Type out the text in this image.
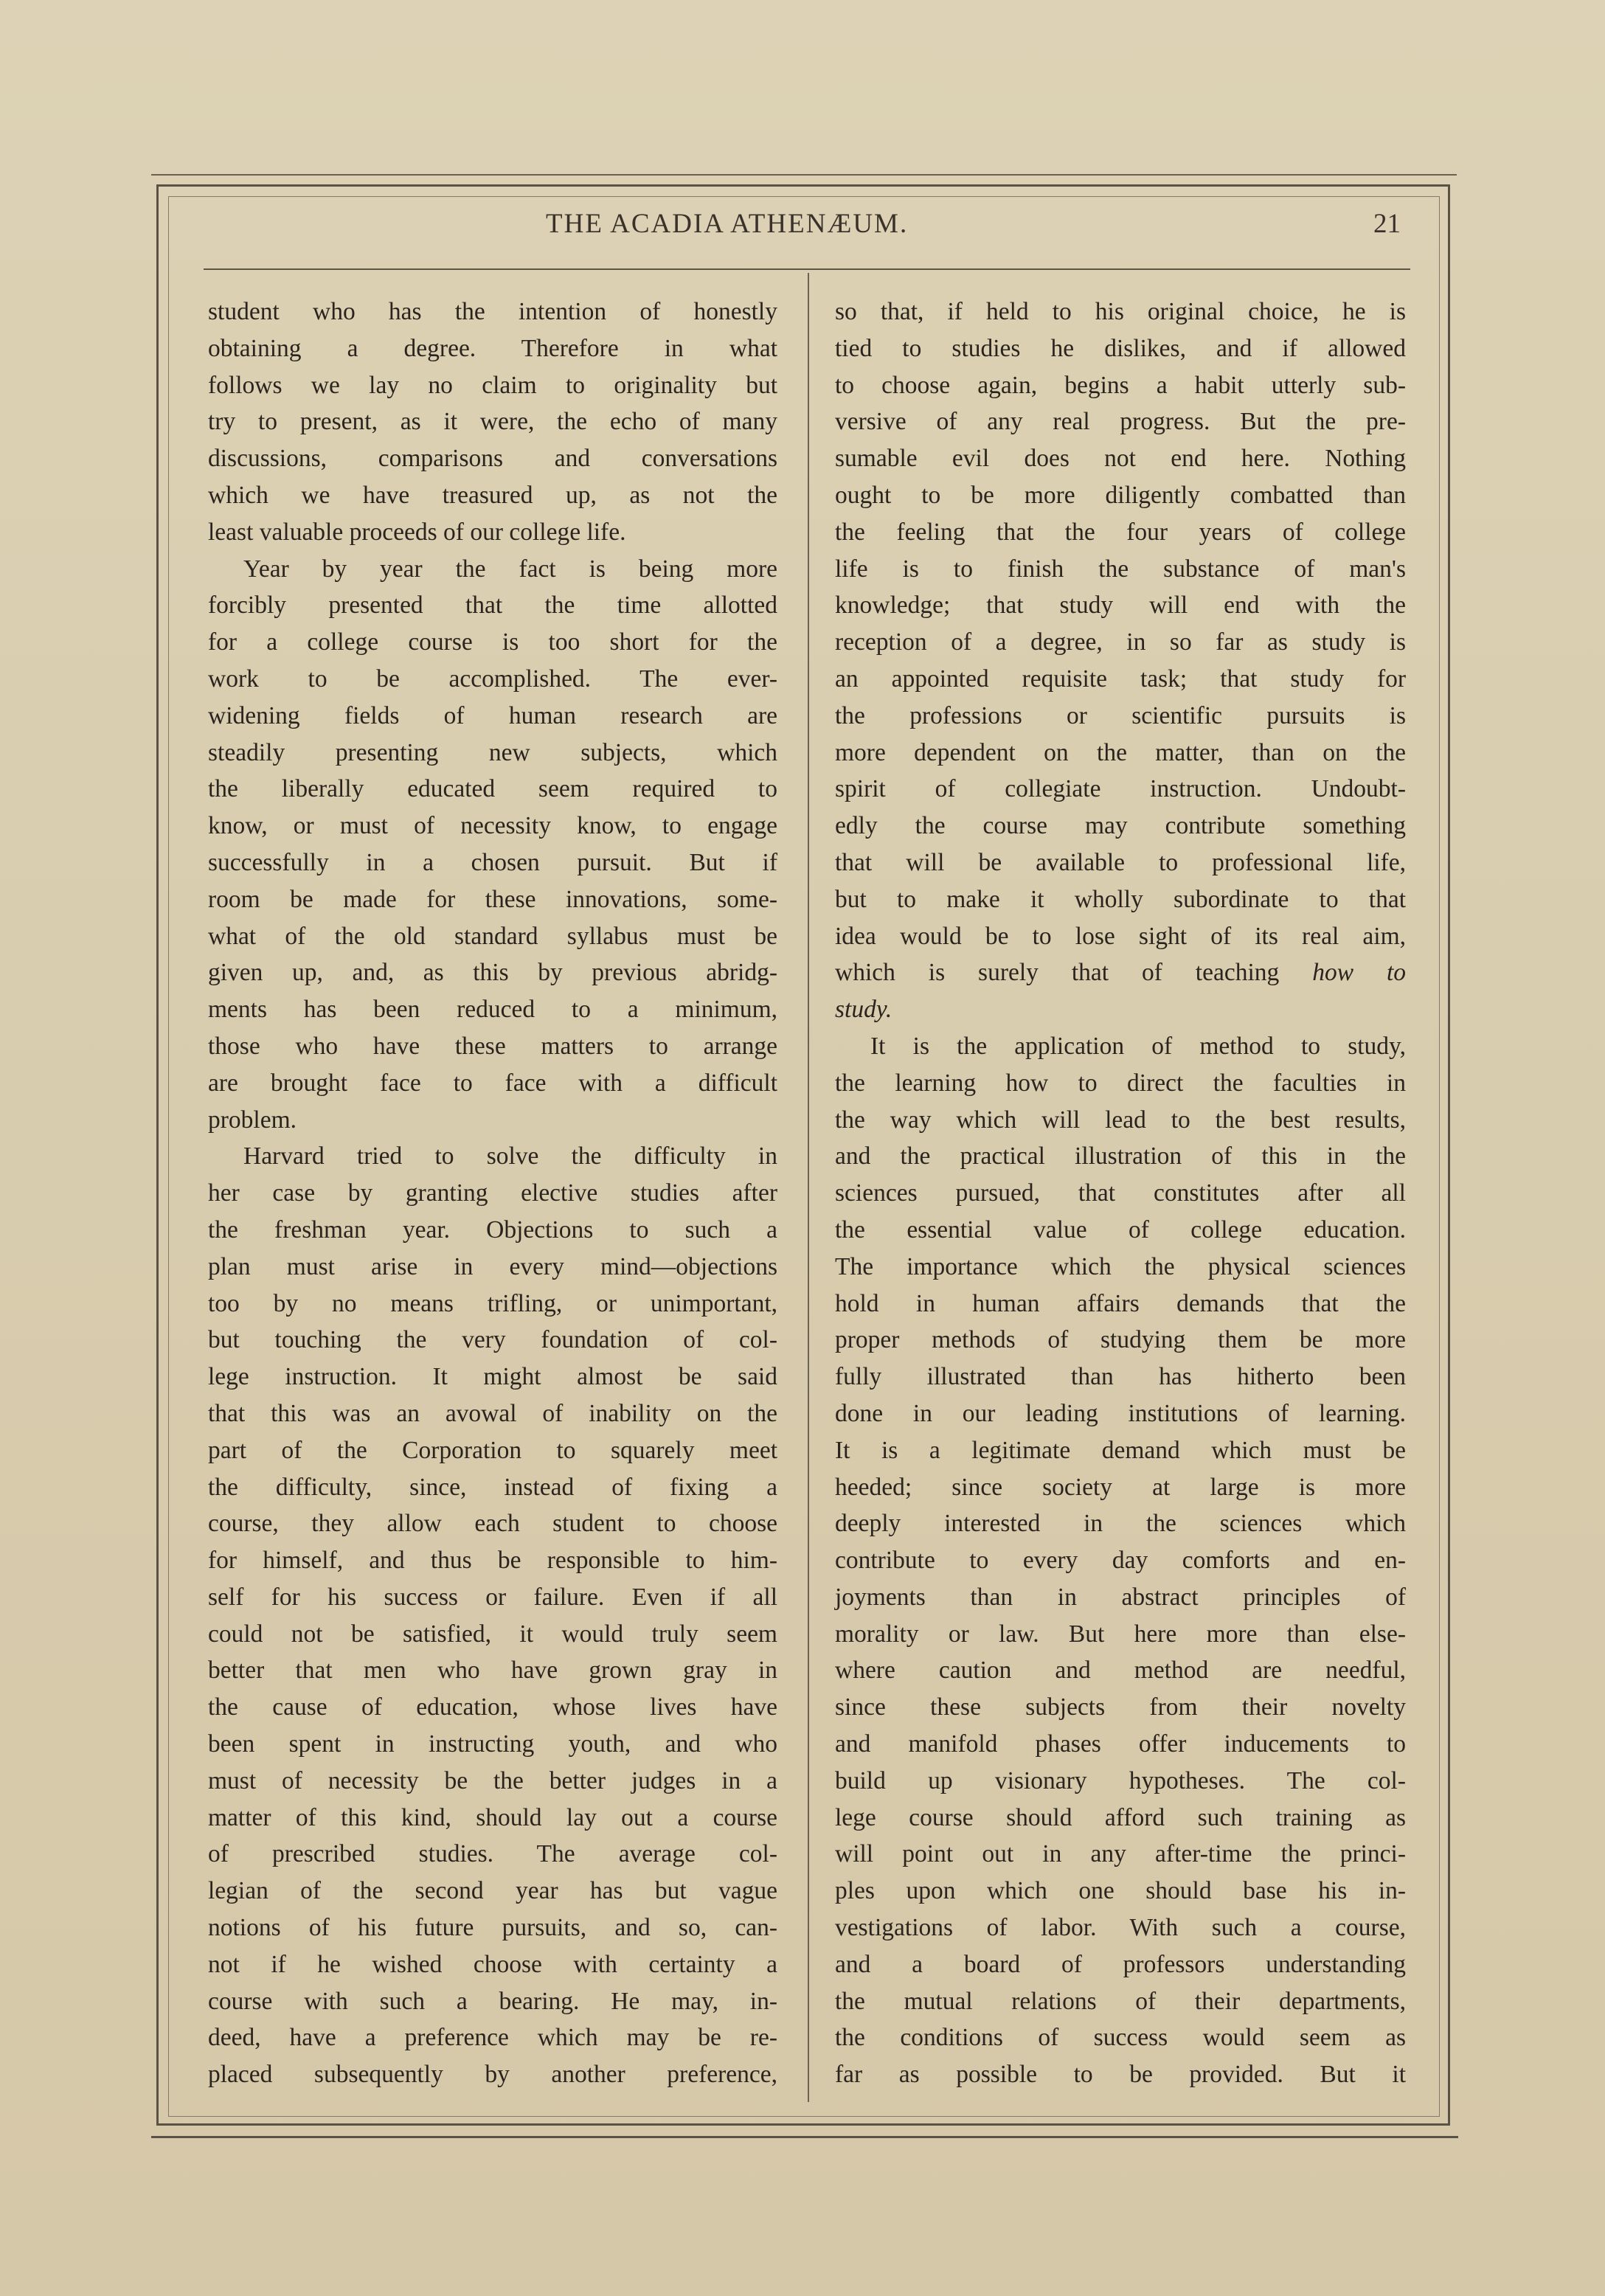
THE ACADIA ATHENÆUM.	21
student who has the intention of honestly
obtaining a degree. Therefore in what
follows we lay no claim to originality but
try to present, as it were, the echo of many
discussions, comparisons and conversations
which we have treasured up, as not the
least valuable proceeds of our college life.
Year by year the fact is being more
forcibly presented that the time allotted
for a college course is too short for the
work to be accomplished. The ever-
widening fields of human research are
steadily presenting new subjects, which
the liberally educated seem required to
know, or must of necessity know, to engage
successfully in a chosen pursuit. But if
room be made for these innovations, some-
what of the old standard syllabus must be
given up, and, as this by previous abridg-
ments has been reduced to a minimum,
those who have these matters to arrange
are brought face to face with a difficult
problem.
Harvard tried to solve the difficulty in
her case by granting elective studies after
the freshman year. Objections to such a
plan must arise in every mind—objections
too by no means trifling, or unimportant,
but touching the very foundation of col-
lege instruction. It might almost be said
that this was an avowal of inability on the
part of the Corporation to squarely meet
the difficulty, since, instead of fixing a
course, they allow each student to choose
for himself, and thus be responsible to him-
self for his success or failure. Even if all
could not be satisfied, it would truly seem
better that men who have grown gray in
the cause of education, whose lives have
been spent in instructing youth, and who
must of necessity be the better judges in a
matter of this kind, should lay out a course
of prescribed studies. The average col-
legian of the second year has but vague
notions of his future pursuits, and so, can-
not if he wished choose with certainty a
course with such a bearing. He may, in-
deed, have a preference which may be re-
placed subsequently by another preference,
so that, if held to his original choice, he is
tied to studies he dislikes, and if allowed
to choose again, begins a habit utterly sub-
versive of any real progress. But the pre-
sumable evil does not end here. Nothing
ought to be more diligently combatted than
the feeling that the four years of college
life is to finish the substance of man's
knowledge; that study will end with the
reception of a degree, in so far as study is
an appointed requisite task; that study for
the professions or scientific pursuits is
more dependent on the matter, than on the
spirit of collegiate instruction. Undoubt-
edly the course may contribute something
that will be available to professional life,
but to make it wholly subordinate to that
idea would be to lose sight of its real aim,
which is surely that of teaching how to
study.
It is the application of method to study,
the learning how to direct the faculties in
the way which will lead to the best results,
and the practical illustration of this in the
sciences pursued, that constitutes after all
the essential value of college education.
The importance which the physical sciences
hold in human affairs demands that the
proper methods of studying them be more
fully illustrated than has hitherto been
done in our leading institutions of learning.
It is a legitimate demand which must be
heeded; since society at large is more
deeply interested in the sciences which
contribute to every day comforts and en-
joyments than in abstract principles of
morality or law. But here more than else-
where caution and method are needful,
since these subjects from their novelty
and manifold phases offer inducements to
build up visionary hypotheses. The col-
lege course should afford such training as
will point out in any after-time the princi-
ples upon which one should base his in-
vestigations of labor. With such a course,
and a board of professors understanding
the mutual relations of their departments,
the conditions of success would seem as
far as possible to be provided. But it
